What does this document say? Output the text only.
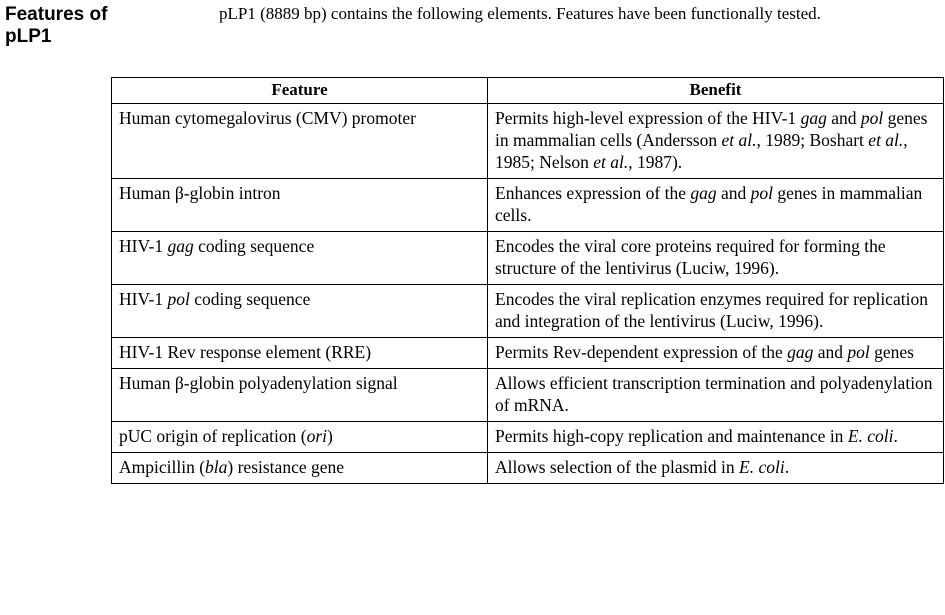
Features of
pLP1

pLP1 (8889 bp) contains the following elements. Features have been functionally tested.

Feature	Benefit
Human cytomegalovirus (CMV) promoter	Permits high-level expression of the HIV-1 gag and pol genes in mammalian cells (Andersson et al., 1989; Boshart et al., 1985; Nelson et al., 1987).
Human β-globin intron	Enhances expression of the gag and pol genes in mammalian cells.
HIV-1 gag coding sequence	Encodes the viral core proteins required for forming the structure of the lentivirus (Luciw, 1996).
HIV-1 pol coding sequence	Encodes the viral replication enzymes required for replication and integration of the lentivirus (Luciw, 1996).
HIV-1 Rev response element (RRE)	Permits Rev-dependent expression of the gag and pol genes
Human β-globin polyadenylation signal	Allows efficient transcription termination and polyadenylation of mRNA.
pUC origin of replication (ori)	Permits high-copy replication and maintenance in E. coli.
Ampicillin (bla) resistance gene	Allows selection of the plasmid in E. coli.
